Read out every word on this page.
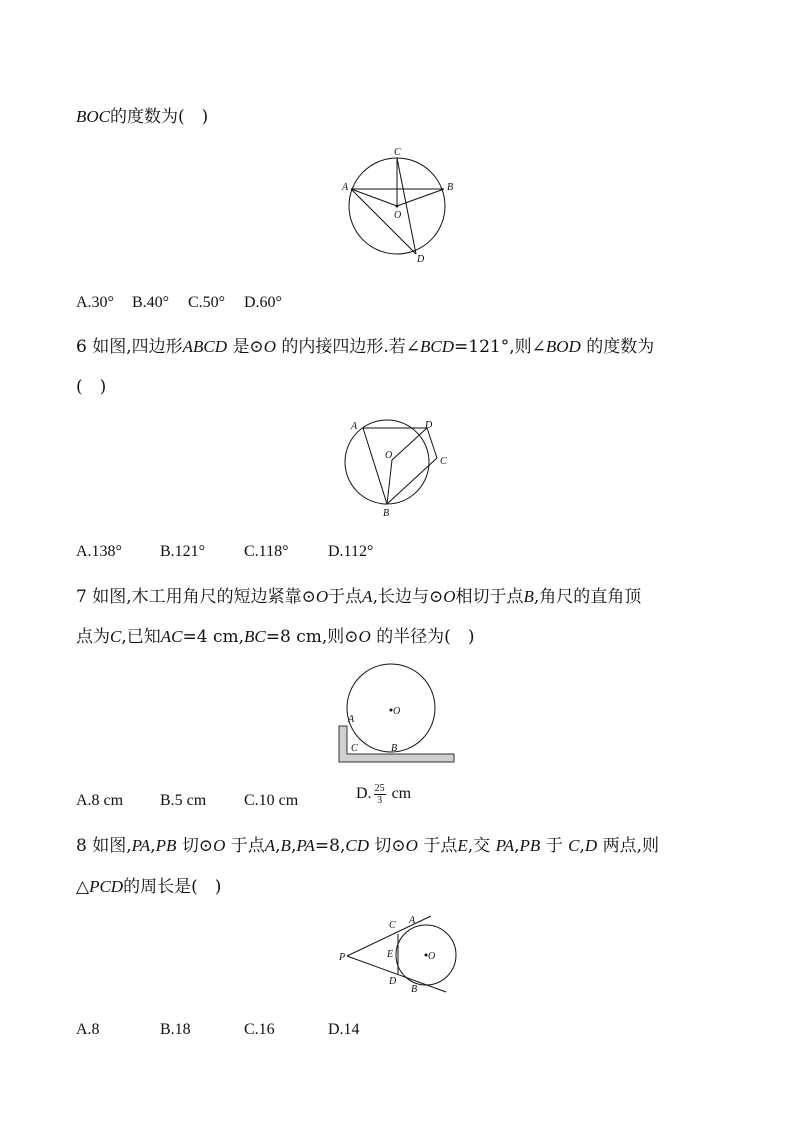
BOC的度数为(　)
C
A	B
O
D
A.30° B.40° C.50° D.60°
6 如图,四边形ABCD 是⊙O 的内接四边形.若∠BCD=121°,则∠BOD 的度数为
(　)
A	D
O
C
B
A.138° B.121° C.118° D.112°
7 如图,木工用角尺的短边紧靠⊙O于点A,长边与⊙O相切于点B,角尺的直角顶
点为C,已知AC=4 cm,BC=8 cm,则⊙O 的半径为(　)
O
A
C	B
A.8 cm B.5 cm C.10 cm	D. $\frac{25}{3}$ cm
8 如图,PA,PB 切⊙O 于点A,B,PA=8,CD 切⊙O 于点E,交 PA,PB 于 C,D 两点,则
△PCD的周长是(　)
C A
P	E	O
D
B
A.8	B.18	C.16	D.14
